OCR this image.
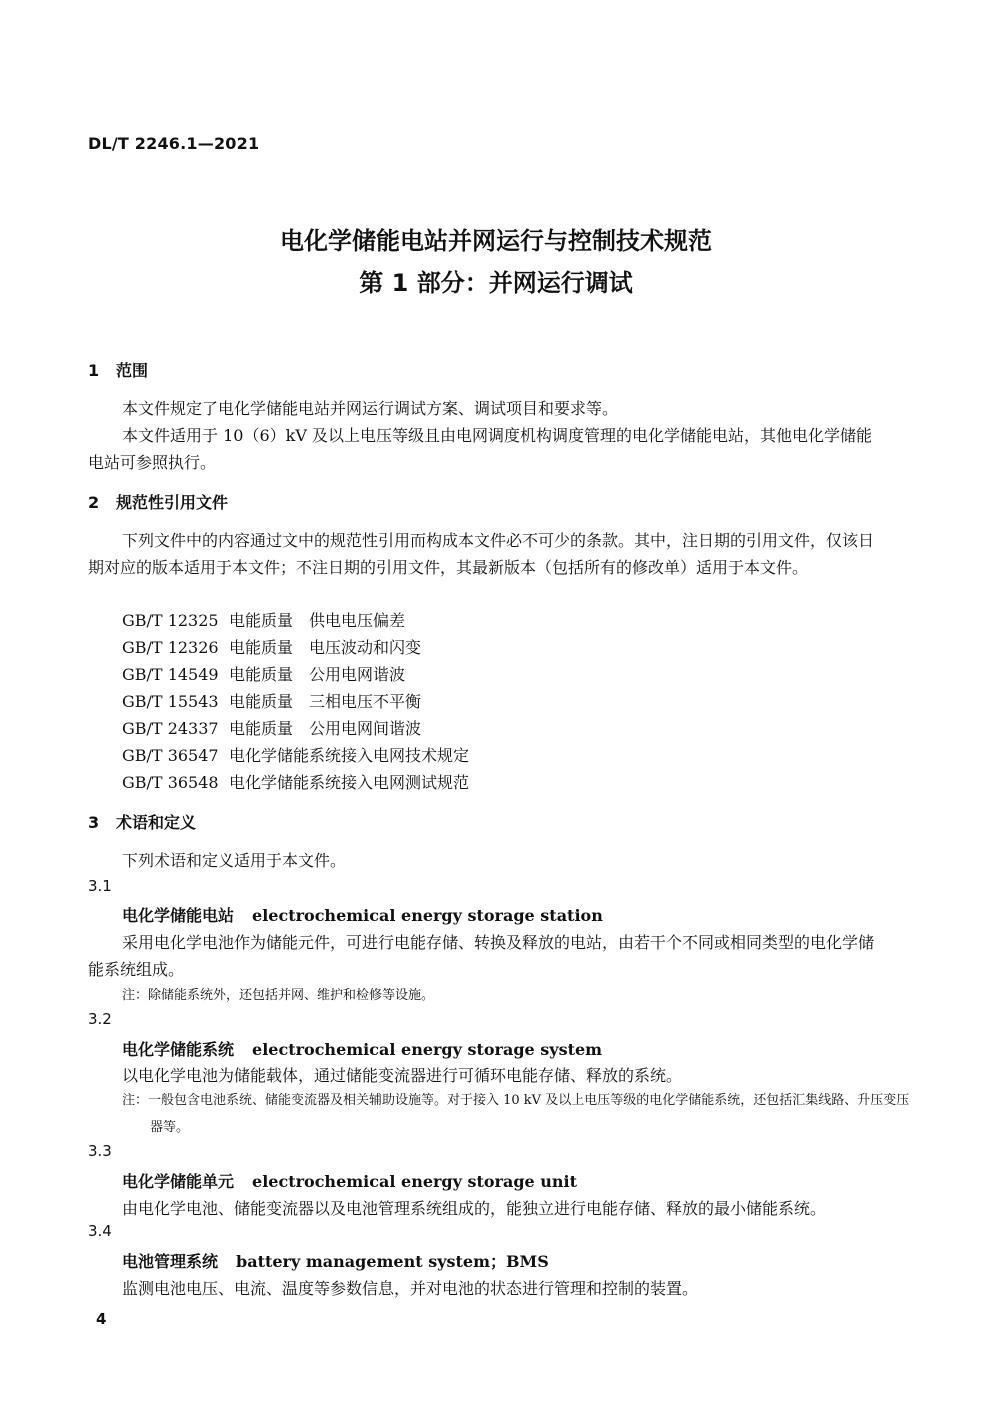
DL/T 2246.1—2021
电化学储能电站并网运行与控制技术规范
第 1 部分：并网运行调试
1 范围
本文件规定了电化学储能电站并网运行调试方案、调试项目和要求等。
本文件适用于 10（6）kV 及以上电压等级且由电网调度机构调度管理的电化学储能电站，其他电化学储能电站可参照执行。
2 规范性引用文件
下列文件中的内容通过文中的规范性引用而构成本文件必不可少的条款。其中，注日期的引用文件，仅该日期对应的版本适用于本文件；不注日期的引用文件，其最新版本（包括所有的修改单）适用于本文件。
GB/T 12325 电能质量　供电电压偏差
GB/T 12326 电能质量　电压波动和闪变
GB/T 14549 电能质量　公用电网谐波
GB/T 15543 电能质量　三相电压不平衡
GB/T 24337 电能质量　公用电网间谐波
GB/T 36547 电化学储能系统接入电网技术规定
GB/T 36548 电化学储能系统接入电网测试规范
3 术语和定义
下列术语和定义适用于本文件。
3.1
电化学储能电站 electrochemical energy storage station
采用电化学电池作为储能元件，可进行电能存储、转换及释放的电站，由若干个不同或相同类型的电化学储能系统组成。
注：除储能系统外，还包括并网、维护和检修等设施。
3.2
电化学储能系统 electrochemical energy storage system
以电化学电池为储能载体，通过储能变流器进行可循环电能存储、释放的系统。
注：一般包含电池系统、储能变流器及相关辅助设施等。对于接入 10 kV 及以上电压等级的电化学储能系统，还包括汇集线路、升压变压器等。
3.3
电化学储能单元 electrochemical energy storage unit
由电化学电池、储能变流器以及电池管理系统组成的，能独立进行电能存储、释放的最小储能系统。
3.4
电池管理系统 battery management system；BMS
监测电池电压、电流、温度等参数信息，并对电池的状态进行管理和控制的装置。
4
